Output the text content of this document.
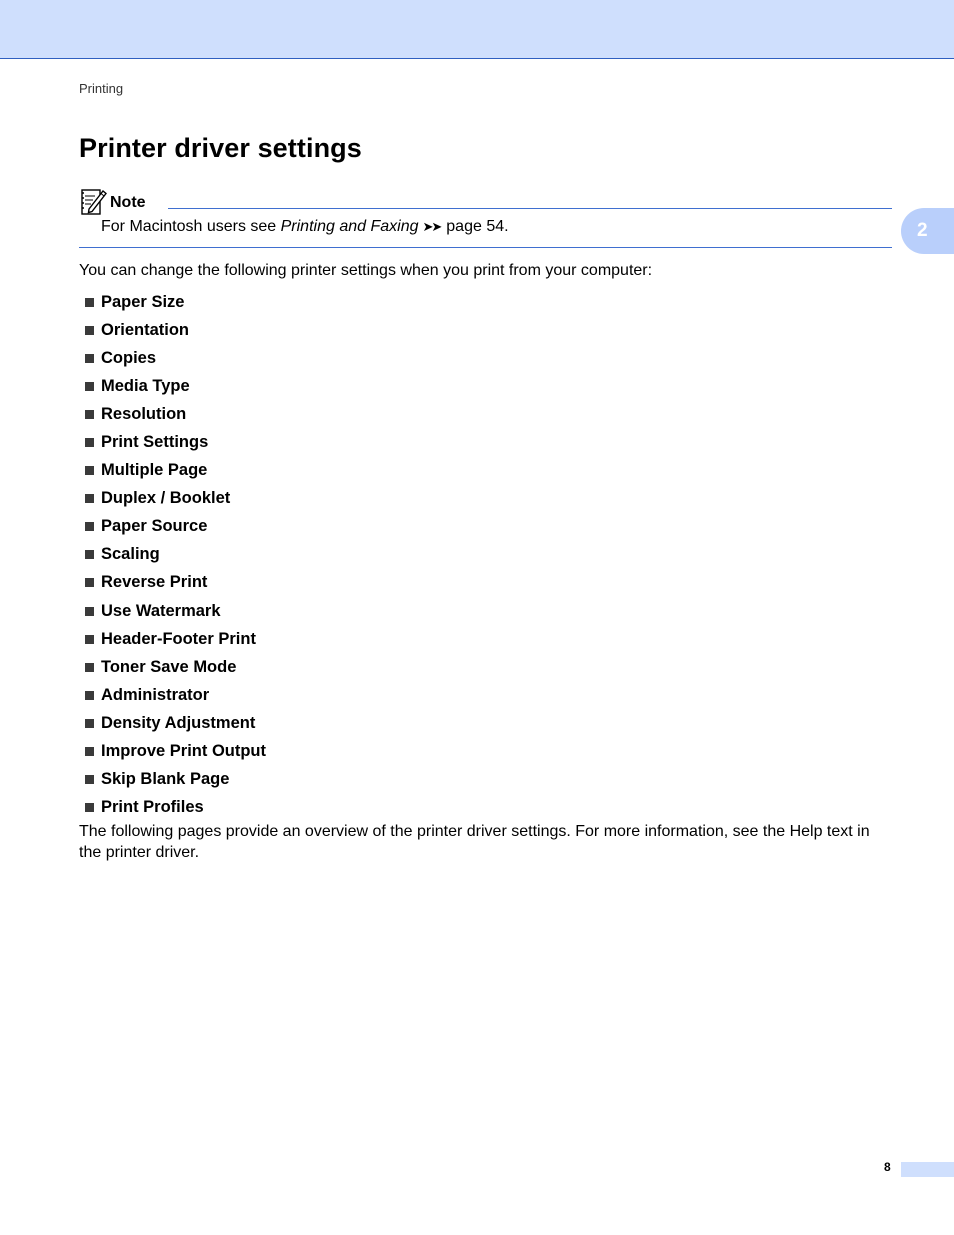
Printing
Printer driver settings
Note
For Macintosh users see Printing and Faxing ➤➤ page 54.	2

You can change the following printer settings when you print from your computer:

Paper Size
Orientation
Copies
Media Type
Resolution
Print Settings
Multiple Page
Duplex / Booklet
Paper Source
Scaling
Reverse Print
Use Watermark
Header-Footer Print
Toner Save Mode
Administrator
Density Adjustment
Improve Print Output
Skip Blank Page
Print Profiles

The following pages provide an overview of the printer driver settings. For more information, see the Help text in the printer driver.

8
